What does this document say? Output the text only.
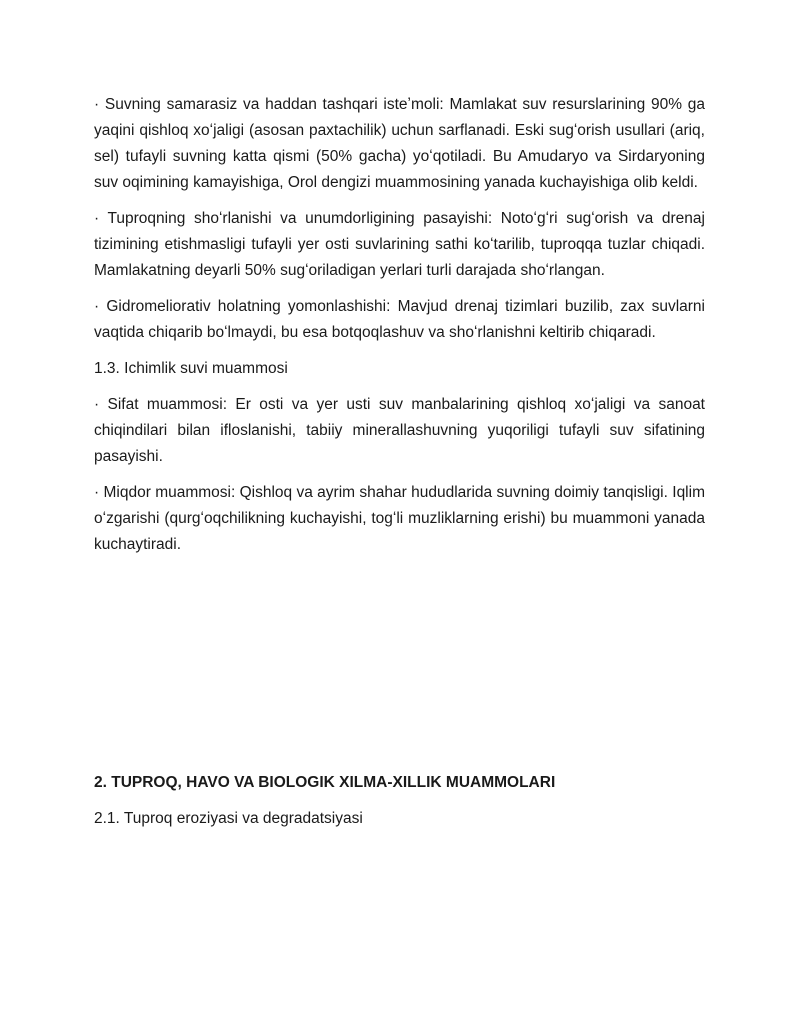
· Suvning samarasiz va haddan tashqari isteʼmoli: Mamlakat suv resurslarining 90% ga yaqini qishloq xoʻjaligi (asosan paxtachilik) uchun sarflanadi. Eski sugʻorish usullari (ariq, sel) tufayli suvning katta qismi (50% gacha) yoʻqotiladi. Bu Amudaryo va Sirdaryoning suv oqimining kamayishiga, Orol dengizi muammosining yanada kuchayishiga olib keldi.

· Tuproqning shoʻrlanishi va unumdorligining pasayishi: Notoʻgʻri sugʻorish va drenaj tizimining etishmasligi tufayli yer osti suvlarining sathi koʻtarilib, tuproqqa tuzlar chiqadi. Mamlakatning deyarli 50% sugʻoriladigan yerlari turli darajada shoʻrlangan.

· Gidromeliorativ holatning yomonlashishi: Mavjud drenaj tizimlari buzilib, zax suvlarni vaqtida chiqarib boʻlmaydi, bu esa botqoqlashuv va shoʻrlanishni keltirib chiqaradi.

1.3. Ichimlik suvi muammosi

· Sifat muammosi: Er osti va yer usti suv manbalarining qishloq xoʻjaligi va sanoat chiqindilari bilan ifloslanishi, tabiiy minerallashuvning yuqoriligi tufayli suv sifatining pasayishi.

· Miqdor muammosi: Qishloq va ayrim shahar hududlarida suvning doimiy tanqisligi. Iqlim oʻzgarishi (qurgʻoqchilikning kuchayishi, togʻli muzliklarning erishi) bu muammoni yanada kuchaytiradi.

2. TUPROQ, HAVO VA BIOLOGIK XILMA-XILLIK MUAMMOLARI

2.1. Tuproq eroziyasi va degradatsiyasi
